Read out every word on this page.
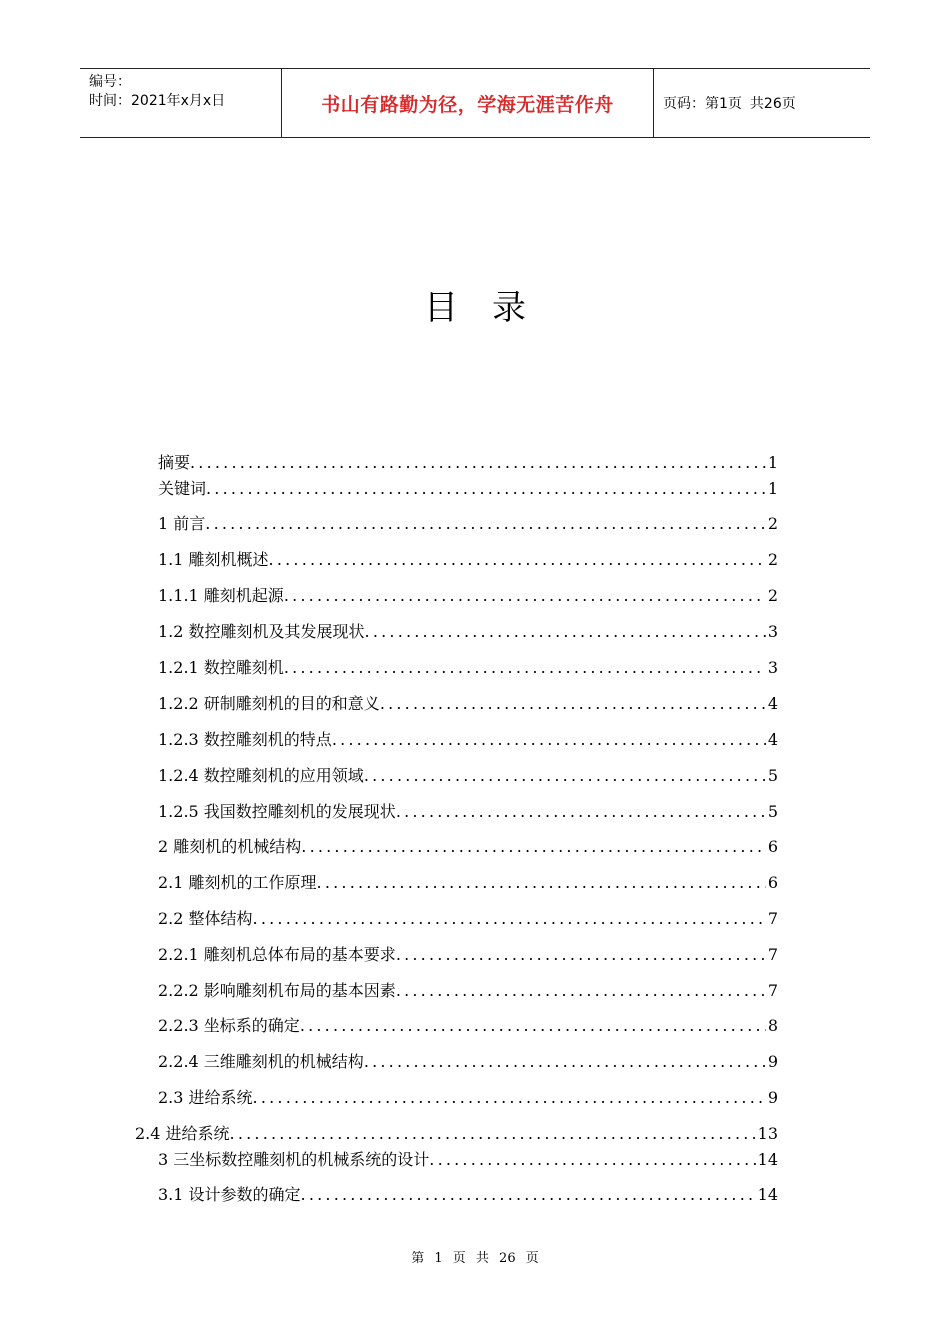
编号：
时间：2021年x月x日	书山有路勤为径，学海无涯苦作舟	页码：第1页 共26页
目录
摘要 .....	1
关键词 .....	1
1 前言 .....	2
1.1 雕刻机概述 .....	2
1.1.1 雕刻机起源 .....	2
1.2 数控雕刻机及其发展现状 .....	3
1.2.1 数控雕刻机 .....	3
1.2.2 研制雕刻机的目的和意义 .....	4
1.2.3 数控雕刻机的特点 .....	4
1.2.4 数控雕刻机的应用领域 .....	5
1.2.5 我国数控雕刻机的发展现状 .....	5
2 雕刻机的机械结构 .....	6
2.1 雕刻机的工作原理 .....	6
2.2 整体结构 .....	7
2.2.1 雕刻机总体布局的基本要求 .....	7
2.2.2 影响雕刻机布局的基本因素 .....	7
2.2.3 坐标系的确定 .....	8
2.2.4 三维雕刻机的机械结构 .....	9
2.3 进给系统 .....	9
2.4 进给系统 .....	13
3 三坐标数控雕刻机的机械系统的设计 .....	14
3.1 设计参数的确定 .....	14
第 1 页 共 26 页
